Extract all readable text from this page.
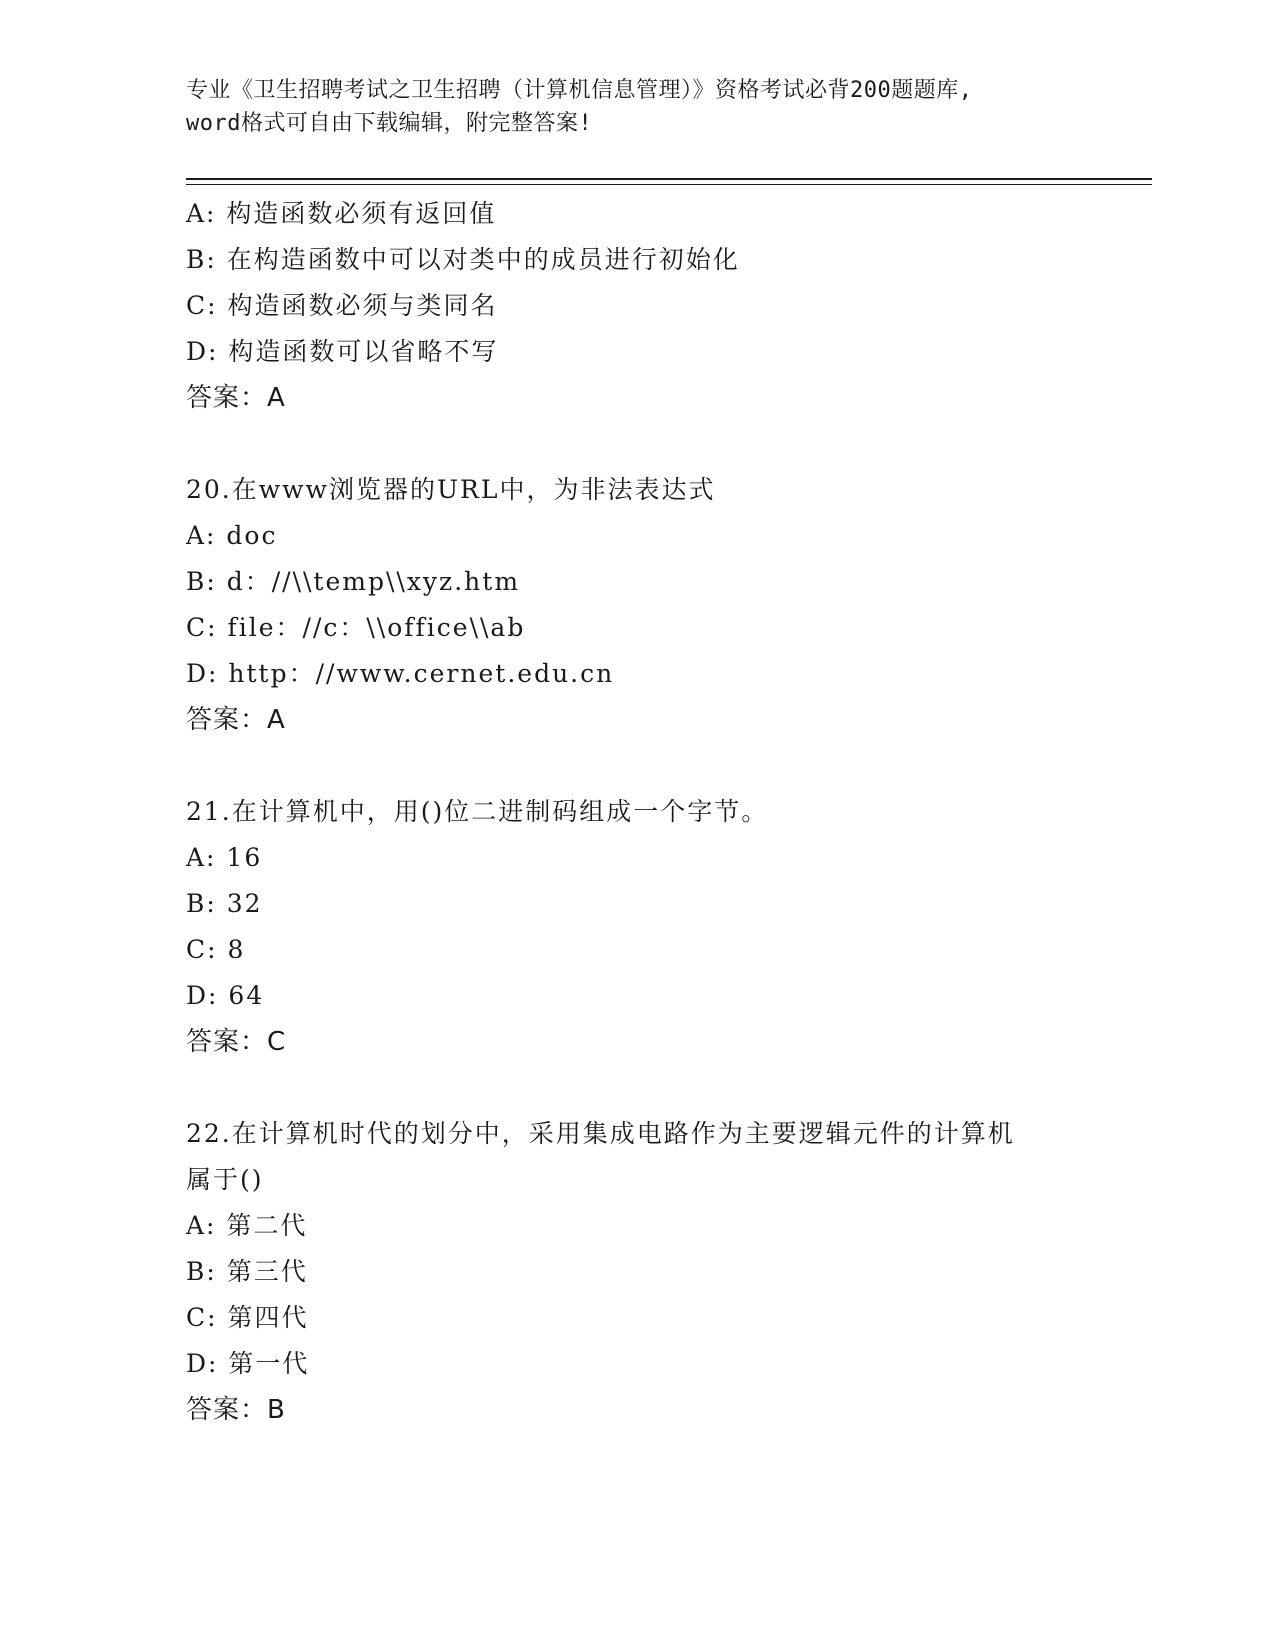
专业《卫生招聘考试之卫生招聘（计算机信息管理）》资格考试必背200题题库,
word格式可自由下载编辑，附完整答案!
A: 构造函数必须有返回值
B: 在构造函数中可以对类中的成员进行初始化
C: 构造函数必须与类同名
D: 构造函数可以省略不写
答案：A
20.在www浏览器的URL中，为非法表达式
A: doc
B: d：//\\temp\\xyz.htm
C: file：//c：\\office\\ab
D: http：//www.cernet.edu.cn
答案：A
21.在计算机中，用()位二进制码组成一个字节。
A: 16
B: 32
C: 8
D: 64
答案：C
22.在计算机时代的划分中，采用集成电路作为主要逻辑元件的计算机
属于()
A: 第二代
B: 第三代
C: 第四代
D: 第一代
答案：B
